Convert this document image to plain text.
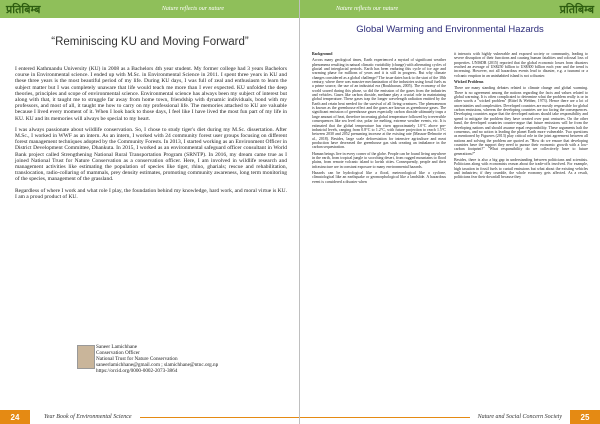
प्रतिबिम्ब	Nature reflects our nature
“Reminiscing KU and Moving Forward”

I entered Kathmandu University (KU) in 2008 as a Bachelors 4th year student. My former college had 3 years Bachelors course in Environmental science. I ended up with M.Sc. in Environmental Science in 2011. I spent three years in KU and these three years is the most beautiful period of my life. During KU days, I was full of zeal and enthusiasm to learn the subject matter but I was completely unaware that life would teach me more than I ever expected. KU unfolded the deep theories, principles and scope of environmental science. Environmental science has always been my subject of interest but along with that, it taught me to struggle far away from home town, friendship with dynamic individuals, bond with my professors, and most of all, it taught me how to carry on my professional life. The memories attached to KU are valuable because I lived every moment of it. When I look back to those days, I feel like I have lived the most fun part of my life in KU. KU and its memories will always be special to my heart.

I was always passionate about wildlife conservation. So, I chose to study tiger's diet during my M.Sc. dissertation. After M.Sc., I worked in WWF as an intern. As an intern, I worked with 24 community forest user groups focusing on different forest management techniques adopted by the Community Forests. In 2013, I started working as an Environment Officer in District Development Committee, Dhankuta. In 2015, I worked as an environmental safeguard officer consultant in World Bank project called Strengthening National Rural Transportation Program (SRNTP). In 2016, my dream came true as I joined National Trust for Nature Conservation as a conservation officer. Here, I am involved in wildlife research and management activities like estimating the population of species like tiger, rhino, gharials; rescue and rehabilitation, translocation, radio-collaring of mammals, prey density estimates, promoting community awareness, long term monitoring of the species, management of the grassland.

Regardless of where I work and what role I play, the foundation behind my knowledge, hard work, and moral virtue is KU. I am a proud product of KU.

Saneer Lamichhane
Conservation Officer
National Trust for Nature Conservation
saneerlamichhane@gmail.com ; slamichhane@ntnc.org.np
https://orcid.org/0000-0002-2073-3864
24	Year Book of Environmental Science
Nature reflects our nature	प्रतिबिम्ब
Global Warming and Environmental Hazards

Background

Across many geological times, Earth experienced a myriad of significant weather phenomena resulting in natural climatic variability (change) with alternating cycles of glacial and interglacial periods. Earth has been enduring this cycle of ice age and warming phase for millions of years and it is still in progress. But why climate changes considered as a global challenge? The issue dates back to the start of the 18th century, where there was massive mechanization of the industries using fossil fuels as a prime source, the use of an industrial era (Boukhaoun, 2005). The economy of the world soared during this phase, so did the emission of the gases from the industries and vehicles. Gases like carbon dioxide, methane play a crucial role in maintaining global temperature. These gases trap the longer wavelength radiation emitted by the Earth and retain heat needed for the survival of all living creatures. The phenomenon is known as the greenhouse effect and the gases are known as greenhouse gases. The significant emission of greenhouse gases especially carbon dioxide ultimately traps a large amount of heat, therefore increasing global temperature followed by irreversible consequences like sea level rise, polar ice melting, extreme weather events, etc. It is estimated that the global temperature has risen approximately 1.0°C above pre-industrial levels, ranging from 0.8°C to 1.2°C, with future projection to reach 1.5°C between 2030 and 2052 presuming increase at the existing rate (Masson-Delmotte et al., 2018). Besides, large scale deforestation for intensive agriculture and meat production have decreased the greenhouse gas sink creating an imbalance in the carbon sequestration.

Human beings live in every corner of the globe. People can be found living anywhere in the earth, from tropical jungle to scorching desert, from rugged mountains to flood plains, from remote volcanic island to lavish cities. Consequently, people and their infrastructure are in constant exposure to many environmental hazards.

Hazards can be hydrological like a flood, meteorological like a cyclone, climatological like an earthquake or geomorphological like a landslide. A hazardous event is considered a disaster when

it interacts with highly vulnerable and exposed society or community, leading to severe disruption of their functions and causing human fatalities and colossal loss of properties. UNISDR (2015) reported that the global economic losses from disasters reached an average of US$250 billion to US$300 billion each year and the trend is increasing. However, not all hazardous events lead to disaster, e.g. a tsunami or a volcanic eruption in an uninhabited island is not a disaster.

Wicked Problems

There are many standing debates related to climate change and global warming. There is no agreement among the nations regarding the facts and values related to global warming. It is often complicated to determine what the problem really is or in other words a "wicked problem" (Rittel & Webber, 1973). Hence there are a lot of uncertainties and complexities. Developed countries are mostly responsible for global carbon emissions, whereas the developing countries are too facing the consequences. Developing countries argue that the developed nations should take responsibility and spend to mitigate the problem they have created over past centuries. On the other hand, the developed countries counter-argue that future emissions will be from the developing nations and should assume equal responsibility. These arguments halt the consensus, and no action is leading the planet Earth more vulnerable. Two questions as mentioned by Figueres (2013) play critical role in the joint agreement between all nations and solving the problem are quoted as "How do we ensure that developing countries have the support they need to pursue their economic growth with a low-carbon footprint?" "What responsibility do we collectively have to future generations?"

Besides, there is also a big gap in understanding between politicians and scientists. Politicians along with economists reason about the trade-offs involved. For example, high taxation in fossil fuels to curtail emissions but what about the existing vehicles and industries; if they crumble, the whole economy gets affected. As a result, politicians fear their downfall because they

Nature and Social Concern Society	25
